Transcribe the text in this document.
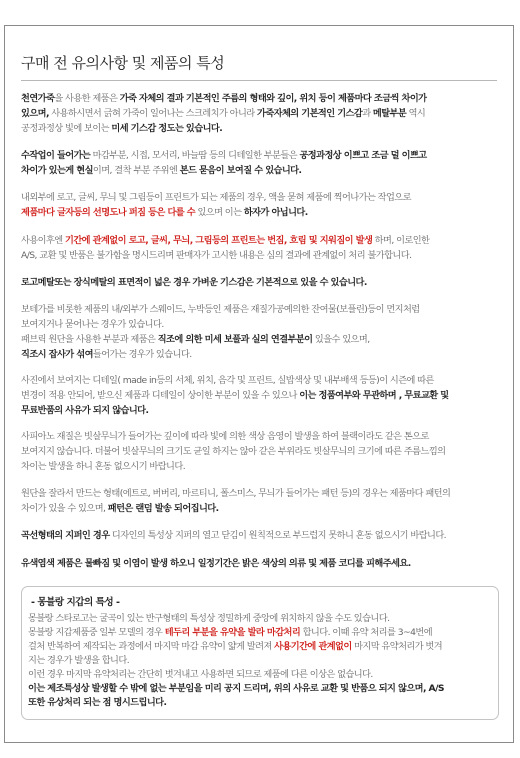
구매 전 유의사항 및 제품의 특성
천연가죽을 사용한 제품은 가죽 자체의 결과 기본적인 주름의 형태와 깊이, 위치 등이 제품마다 조금씩 차이가
있으며, 사용하시면서 긁혀 가죽이 일어나는 스크레치가 아니라 가죽자체의 기본적인 기스감과 메탈부분 역시
공정과정상 빛에 보이는 미세 기스감 정도는 있습니다.
수작업이 들어가는 마감부분, 시접, 모서리, 바늘땀 등의 디테일한 부분들은 공정과정상 이쁘고 조금 덜 이쁘고
차이가 있는게 현실이며, 결착 부분 주위엔 본드 묻음이 보여질 수 있습니다.
내외부에 로고, 글씨, 무늬 및 그림등이 프린트가 되는 제품의 경우, 액을 묻혀 제품에 찍어나가는 작업으로
제품마다 글자등의 선명도나 퍼짐 등은 다를 수 있으며 이는 하자가 아닙니다.
사용이후엔 기간에 관계없이 로고, 글씨, 무늬, 그림등의 프린트는 번짐, 흐림 및 지워짐이 발생 하며, 이로인한
A/S, 교환 및 반품은 불가함을 명시드리며 판매자가 고시한 내용은 심의 결과에 관계없이 처리 불가합니다.
로고메탈또는 장식메탈의 표면적이 넓은 경우 가벼운 기스감은 기본적으로 있을 수 있습니다.
보테가를 비롯한 제품의 내/외부가 스웨이드, 누박등인 제품은 재질가공예의한 잔여물(보플린)등이 먼지처럼
보여지거나 묻어나는 경우가 있습니다.
패브릭 원단을 사용한 부분과 제품은 직조에 의한 미세 보풀과 실의 연결부분이 있을수 있으며,
직조시 잡사가 섞여들어가는 경우가 있습니다.
사진에서 보여지는 디테일( made in등의 서체, 위치, 음각 및 프린트, 실밥색상 및 내부배색 등등)이 시즌에 따른
변경이 적용 안되어, 받으신 제품과 디테일이 상이한 부분이 있을 수 있으나 이는 정품여부와 무관하며 , 무료교환 및
무료반품의 사유가 되지 않습니다.
사피아노 재질은 빗살무늬가 들어가는 깊이에 따라 빛에 의한 색상 음영이 발생을 하여 블랙이라도 같은 톤으로
보여지지 않습니다. 더불어 빗살무늬의 크기도 균일 하지는 않아 같은 부위라도 빗살무늬의 크기에 따른 주름느낌의
차이는 발생을 하니 혼동 없으시기 바랍니다.
원단을 잘라서 만드는 형태(에트로, 버버리, 마르티니, 폴스미스, 무늬가 들어가는 패턴 등)의 경우는 제품마다 패턴의
차이가 있을 수 있으며, 패턴은 랜덤 발송 되어집니다.
곡선형태의 지퍼인 경우 디자인의 특성상 지퍼의 열고 닫김이 원칙적으로 부드럽지 못하니 혼동 없으시기 바랍니다.
유색염색 제품은 물빠짐 및 이염이 발생 하오니 일정기간은 밝은 색상의 의류 및 제품 코디를 피해주세요.
- 몽블랑 지갑의 특성 -
몽블랑 스타로고는 굴곡이 있는 반구형태의 특성상 정밀하게 중앙에 위치하지 않을 수도 있습니다.
몽블랑 지갑제품중 일부 모델의 경우 테두리 부분을 유약을 발라 마감처리 합니다. 이때 유약 처리를 3~4번에
걸처 반복하여 제작되는 과정에서 마지막 마감 유약이 얇게 발려져 사용기간에 관계없이 마지막 유약처리가 벗겨
지는 경우가 발생을 합니다.
이런 경우 마지막 유약처리는 간단히 벗겨내고 사용하면 되므로 제품에 다른 이상은 없습니다.
이는 제조특성상 발생할 수 밖에 없는 부분임을 미리 공지 드리며, 위의 사유로 교환 및 반품으 되지 않으며, A/S
또한 유상처리 되는 점 명시드립니다.
